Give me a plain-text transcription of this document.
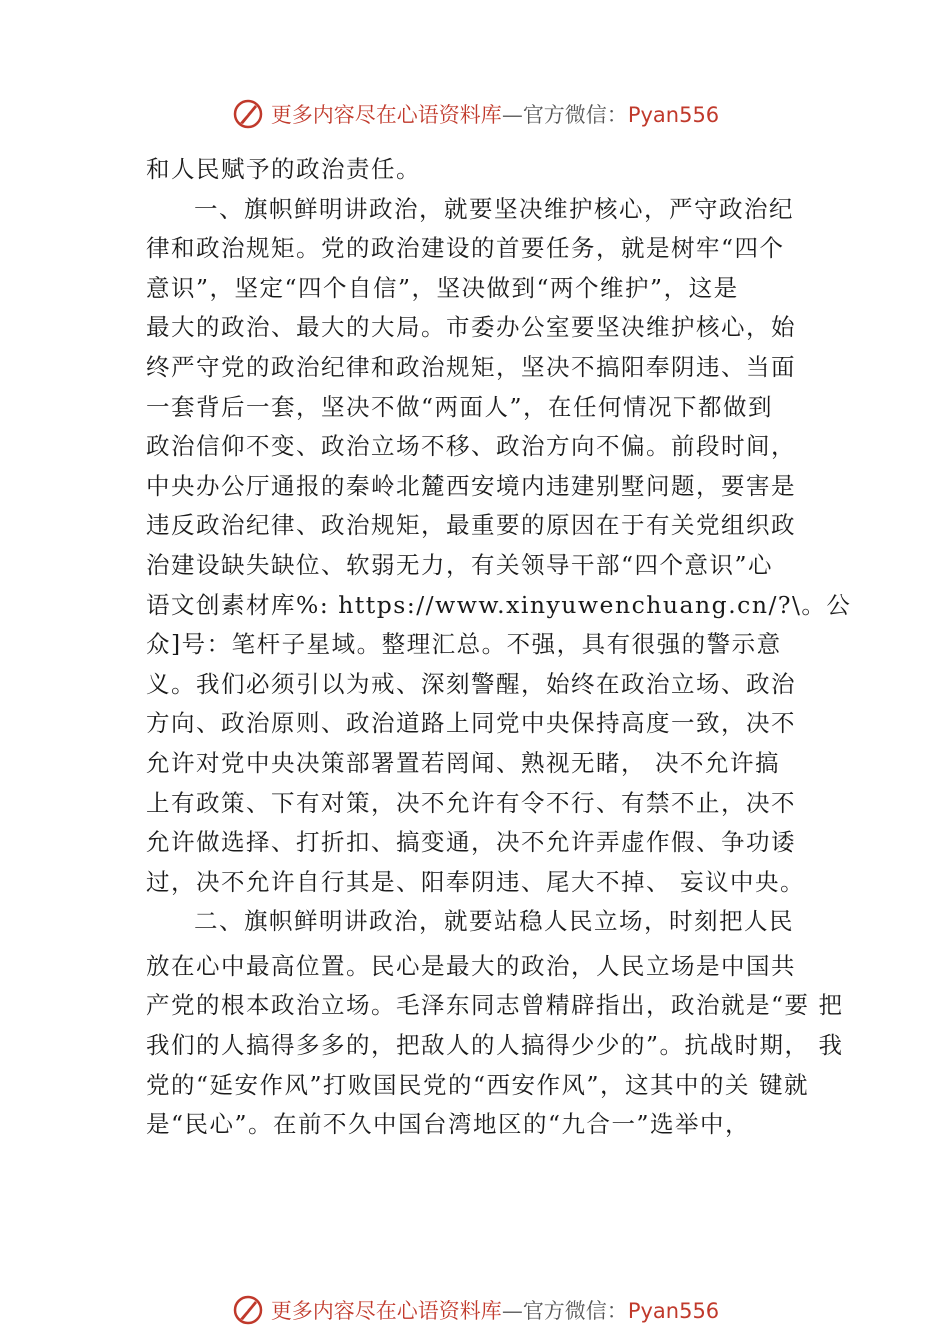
更多内容尽在心语资料库—官方微信：Pyan556
和人民赋予的政治责任。
一、旗帜鲜明讲政治，就要坚决维护核心，严守政治纪
律和政治规矩。党的政治建设的首要任务，就是树牢“四个
意识”，坚定“四个自信”，坚决做到“两个维护”，这是
最大的政治、最大的大局。市委办公室要坚决维护核心，始
终严守党的政治纪律和政治规矩，坚决不搞阳奉阴违、当面
一套背后一套，坚决不做“两面人”，在任何情况下都做到
政治信仰不变、政治立场不移、政治方向不偏。前段时间，
中央办公厅通报的秦岭北麓西安境内违建别墅问题，要害是
违反政治纪律、政治规矩，最重要的原因在于有关党组织政
治建设缺失缺位、软弱无力，有关领导干部“四个意识”心
语文创素材库%: https://www.xinyuwenchuang.cn/?\。公
众]号：笔杆子星域。整理汇总。不强，具有很强的警示意
义。我们必须引以为戒、深刻警醒，始终在政治立场、政治
方向、政治原则、政治道路上同党中央保持高度一致，决不
允许对党中央决策部署置若罔闻、熟视无睹， 决不允许搞
上有政策、下有对策，决不允许有令不行、有禁不止，决不
允许做选择、打折扣、搞变通，决不允许弄虚作假、争功诿
过，决不允许自行其是、阳奉阴违、尾大不掉、 妄议中央。
二、旗帜鲜明讲政治，就要站稳人民立场，时刻把人民
放在心中最高位置。民心是最大的政治，人民立场是中国共
产党的根本政治立场。毛泽东同志曾精辟指出，政治就是“要 把
我们的人搞得多多的，把敌人的人搞得少少的”。抗战时期， 我
党的“延安作风”打败国民党的“西安作风”，这其中的关 键就
是“民心”。在前不久中国台湾地区的“九合一”选举中，
更多内容尽在心语资料库—官方微信：Pyan556
